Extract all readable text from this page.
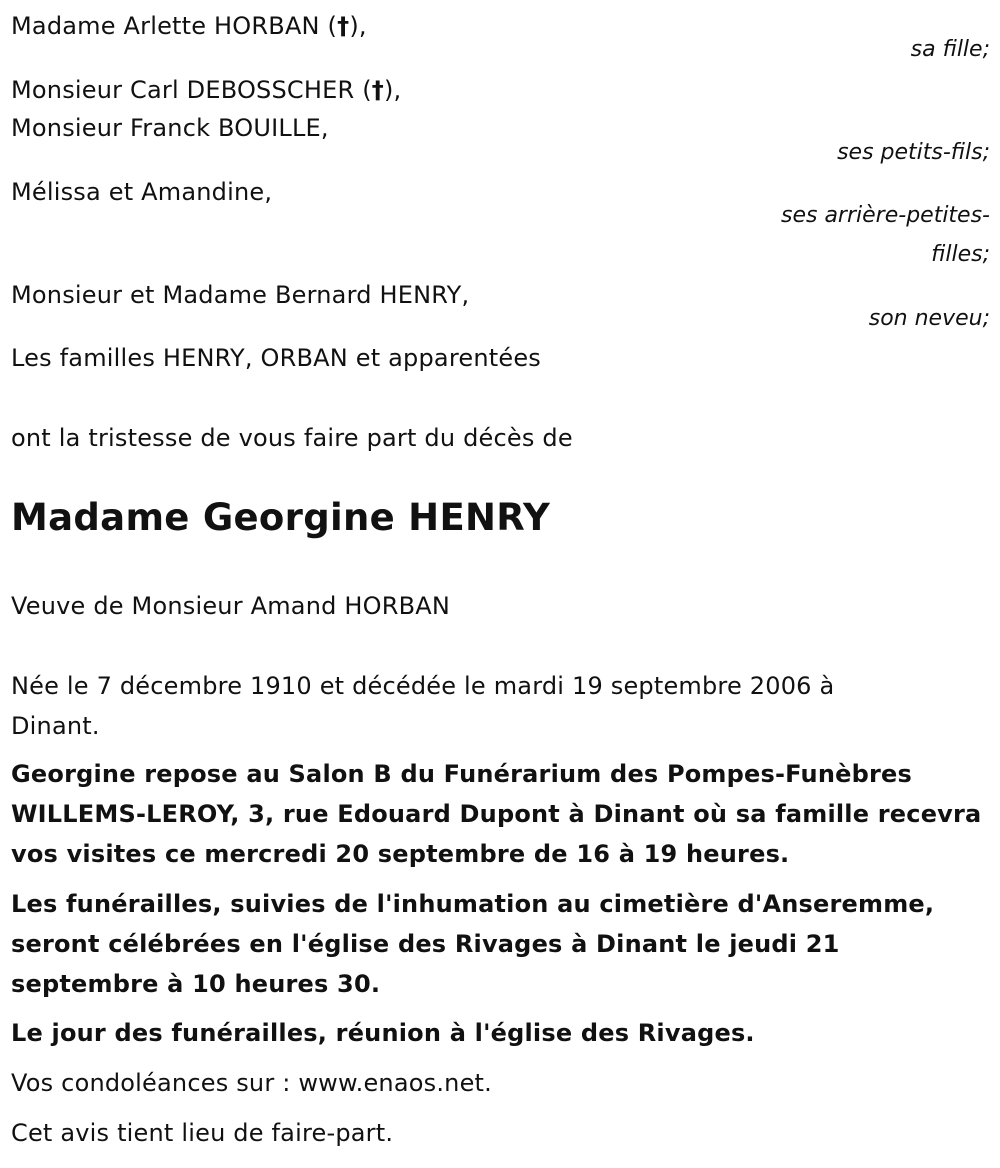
Madame Arlette HORBAN (†),

sa fille;

Monsieur Carl DEBOSSCHER (†),

Monsieur Franck BOUILLE,

ses petits-fils;

Mélissa et Amandine,

ses arrière-petites-

filles;

Monsieur et Madame Bernard HENRY,

son neveu;

Les familles HENRY, ORBAN et apparentées

ont la tristesse de vous faire part du décès de

Madame Georgine HENRY

Veuve de Monsieur Amand HORBAN

Née le 7 décembre 1910 et décédée le mardi 19 septembre 2006 à

Dinant.

Georgine repose au Salon B du Funérarium des Pompes-Funèbres

WILLEMS-LEROY, 3, rue Edouard Dupont à Dinant où sa famille recevra

vos visites ce mercredi 20 septembre de 16 à 19 heures.

Les funérailles, suivies de l'inhumation au cimetière d'Anseremme,

seront célébrées en l'église des Rivages à Dinant le jeudi 21

septembre à 10 heures 30.

Le jour des funérailles, réunion à l'église des Rivages.

Vos condoléances sur : www.enaos.net.

Cet avis tient lieu de faire-part.
